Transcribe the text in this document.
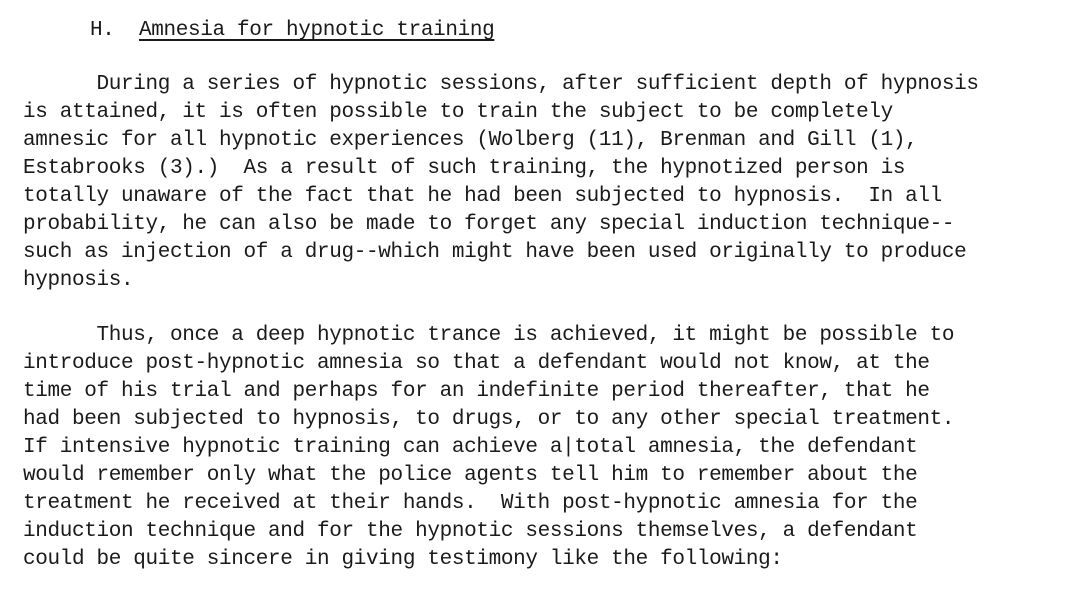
H. Amnesia for hypnotic training
During a series of hypnotic sessions, after sufficient depth of hypnosis
is attained, it is often possible to train the subject to be completely
amnesic for all hypnotic experiences (Wolberg (11), Brenman and Gill (1),
Estabrooks (3).)  As a result of such training, the hypnotized person is
totally unaware of the fact that he had been subjected to hypnosis.  In all
probability, he can also be made to forget any special induction technique--
such as injection of a drug--which might have been used originally to produce
hypnosis.
Thus, once a deep hypnotic trance is achieved, it might be possible to
introduce post-hypnotic amnesia so that a defendant would not know, at the
time of his trial and perhaps for an indefinite period thereafter, that he
had been subjected to hypnosis, to drugs, or to any other special treatment.
If intensive hypnotic training can achieve a|total amnesia, the defendant
would remember only what the police agents tell him to remember about the
treatment he received at their hands.  With post-hypnotic amnesia for the
induction technique and for the hypnotic sessions themselves, a defendant
could be quite sincere in giving testimony like the following:
